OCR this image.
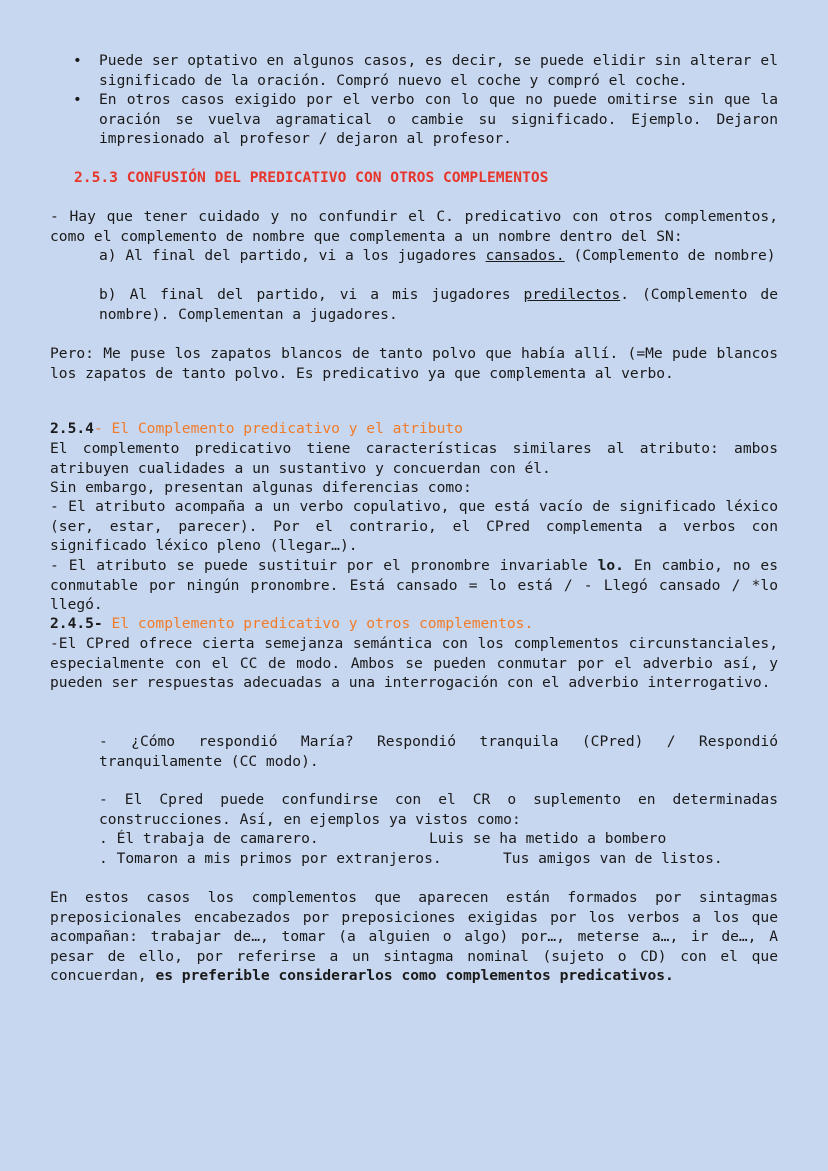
• Puede ser optativo en algunos casos, es decir, se puede elidir sin alterar el significado de la oración. Compró nuevo el coche y compró el coche.
• En otros casos exigido por el verbo con lo que no puede omitirse sin que la oración se vuelva agramatical o cambie su significado. Ejemplo. Dejaron impresionado al profesor / dejaron al profesor.
2.5.3 CONFUSIÓN DEL PREDICATIVO CON OTROS COMPLEMENTOS
- Hay que tener cuidado y no confundir el C. predicativo con otros complementos, como el complemento de nombre que complementa a un nombre dentro del SN:
a) Al final del partido, vi a los jugadores cansados. (Complemento de nombre)
b) Al final del partido, vi a mis jugadores predilectos. (Complemento de nombre). Complementan a jugadores.
Pero: Me puse los zapatos blancos de tanto polvo que había allí. (=Me pude blancos los zapatos de tanto polvo. Es predicativo ya que complementa al verbo.
2.5.4- El Complemento predicativo y el atributo
El complemento predicativo tiene características similares al atributo: ambos atribuyen cualidades a un sustantivo y concuerdan con él.
Sin embargo, presentan algunas diferencias como:
- El atributo acompaña a un verbo copulativo, que está vacío de significado léxico (ser, estar, parecer). Por el contrario, el CPred complementa a verbos con significado léxico pleno (llegar…).
- El atributo se puede sustituir por el pronombre invariable lo. En cambio, no es conmutable por ningún pronombre. Está cansado = lo está / - Llegó cansado / *lo llegó.
2.4.5- El complemento predicativo y otros complementos.
-El CPred ofrece cierta semejanza semántica con los complementos circunstanciales, especialmente con el CC de modo. Ambos se pueden conmutar por el adverbio así, y pueden ser respuestas adecuadas a una interrogación con el adverbio interrogativo.
- ¿Cómo respondió María? Respondió tranquila (CPred) / Respondió tranquilamente (CC modo).
- El Cpred puede confundirse con el CR o suplemento en determinadas construcciones. Así, en ejemplos ya vistos como:
. Él trabaja de camarero.	Luis se ha metido a bombero
. Tomaron a mis primos por extranjeros.	Tus amigos van de listos.
En estos casos los complementos que aparecen están formados por sintagmas preposicionales encabezados por preposiciones exigidas por los verbos a los que acompañan: trabajar de…, tomar (a alguien o algo) por…, meterse a…, ir de…, A pesar de ello, por referirse a un sintagma nominal (sujeto o CD) con el que concuerdan, es preferible considerarlos como complementos predicativos.
